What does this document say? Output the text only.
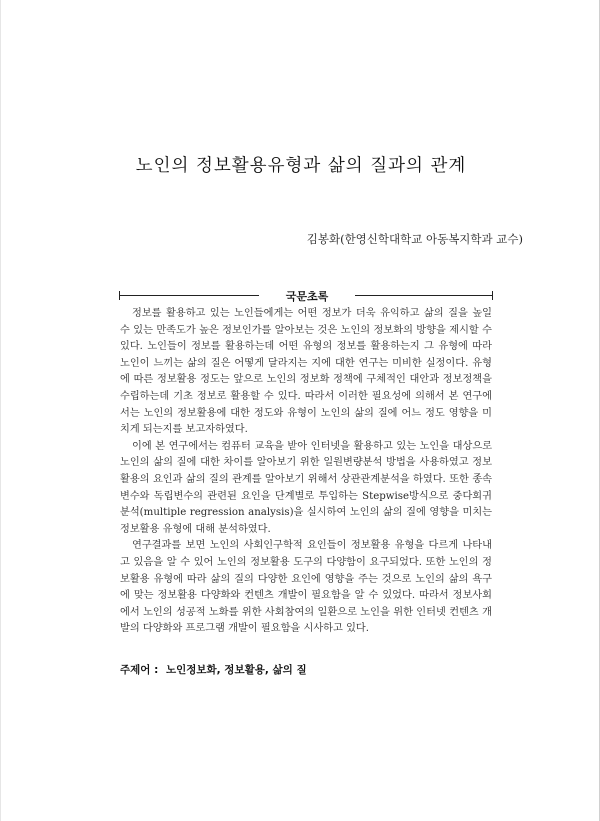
노인의 정보활용유형과 삶의 질과의 관계
김봉화(한영신학대학교 아동복지학과 교수)
국문초록

정보를 활용하고 있는 노인들에게는 어떤 정보가 더욱 유익하고 삶의 질을 높일 수 있는 만족도가 높은 정보인가를 알아보는 것은 노인의 정보화의 방향을 제시할 수 있다. 노인들이 정보를 활용하는데 어떤 유형의 정보를 활용하는지 그 유형에 따라 노인이 느끼는 삶의 질은 어떻게 달라지는 지에 대한 연구는 미비한 실정이다. 유형에 따른 정보활용 정도는 앞으로 노인의 정보화 정책에 구체적인 대안과 정보정책을 수립하는데 기초 정보로 활용할 수 있다. 따라서 이러한 필요성에 의해서 본 연구에서는 노인의 정보활용에 대한 정도와 유형이 노인의 삶의 질에 어느 정도 영향을 미치게 되는지를 보고자하였다.

이에 본 연구에서는 컴퓨터 교육을 받아 인터넷을 활용하고 있는 노인을 대상으로 노인의 삶의 질에 대한 차이를 알아보기 위한 일원변량분석 방법을 사용하였고 정보활용의 요인과 삶의 질의 관계를 알아보기 위해서 상관관계분석을 하였다. 또한 종속변수와 독립변수의 관련된 요인을 단계별로 투입하는 Stepwise방식으로 중다회귀분석(multiple regression analysis)을 실시하여 노인의 삶의 질에 영향을 미치는 정보활용 유형에 대해 분석하였다.

연구결과를 보면 노인의 사회인구학적 요인들이 정보활용 유형을 다르게 나타내고 있음을 알 수 있어 노인의 정보활용 도구의 다양함이 요구되었다. 또한 노인의 정보활용 유형에 따라 삶의 질의 다양한 요인에 영향을 주는 것으로 노인의 삶의 욕구에 맞는 정보활용 다양화와 컨텐츠 개발이 필요함을 알 수 있었다. 따라서 정보사회에서 노인의 성공적 노화를 위한 사회참여의 일환으로 노인을 위한 인터넷 컨텐츠 개발의 다양화와 프로그램 개발이 필요함을 시사하고 있다.

주제어 : 노인정보화, 정보활용, 삶의 질
